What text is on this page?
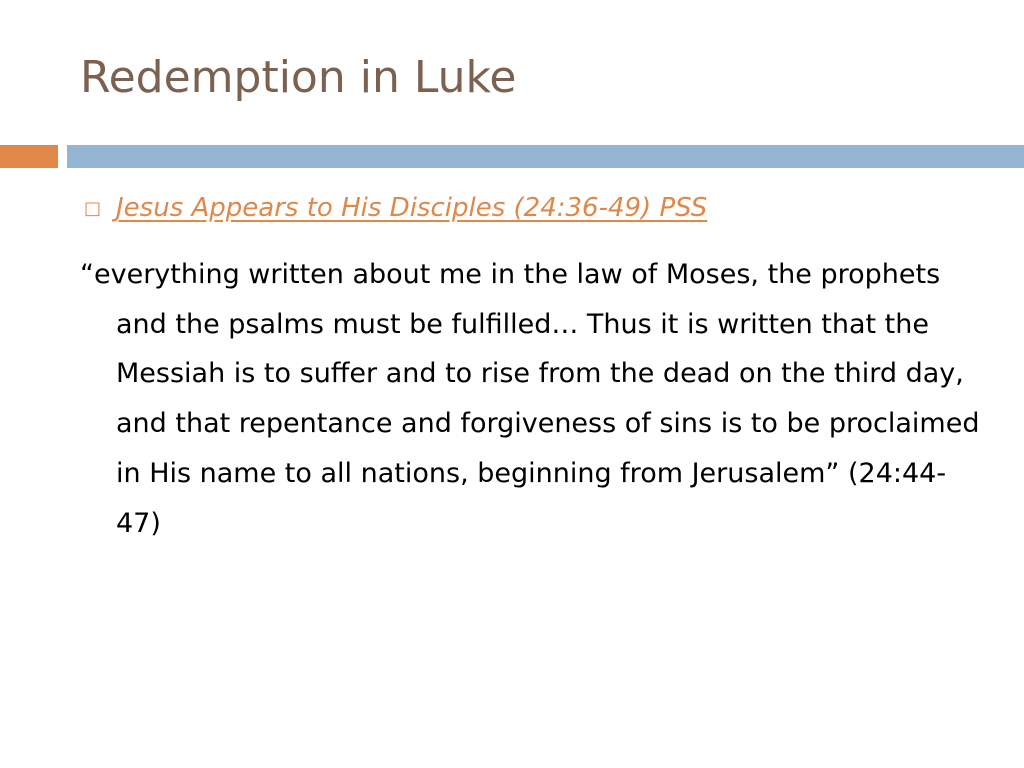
Redemption in Luke
□ Jesus Appears to His Disciples (24:36-49) PSS

“everything written about me in the law of Moses, the prophets and the psalms must be fulfilled… Thus it is written that the Messiah is to suffer and to rise from the dead on the third day, and that repentance and forgiveness of sins is to be proclaimed in His name to all nations, beginning from Jerusalem” (24:44-47)
